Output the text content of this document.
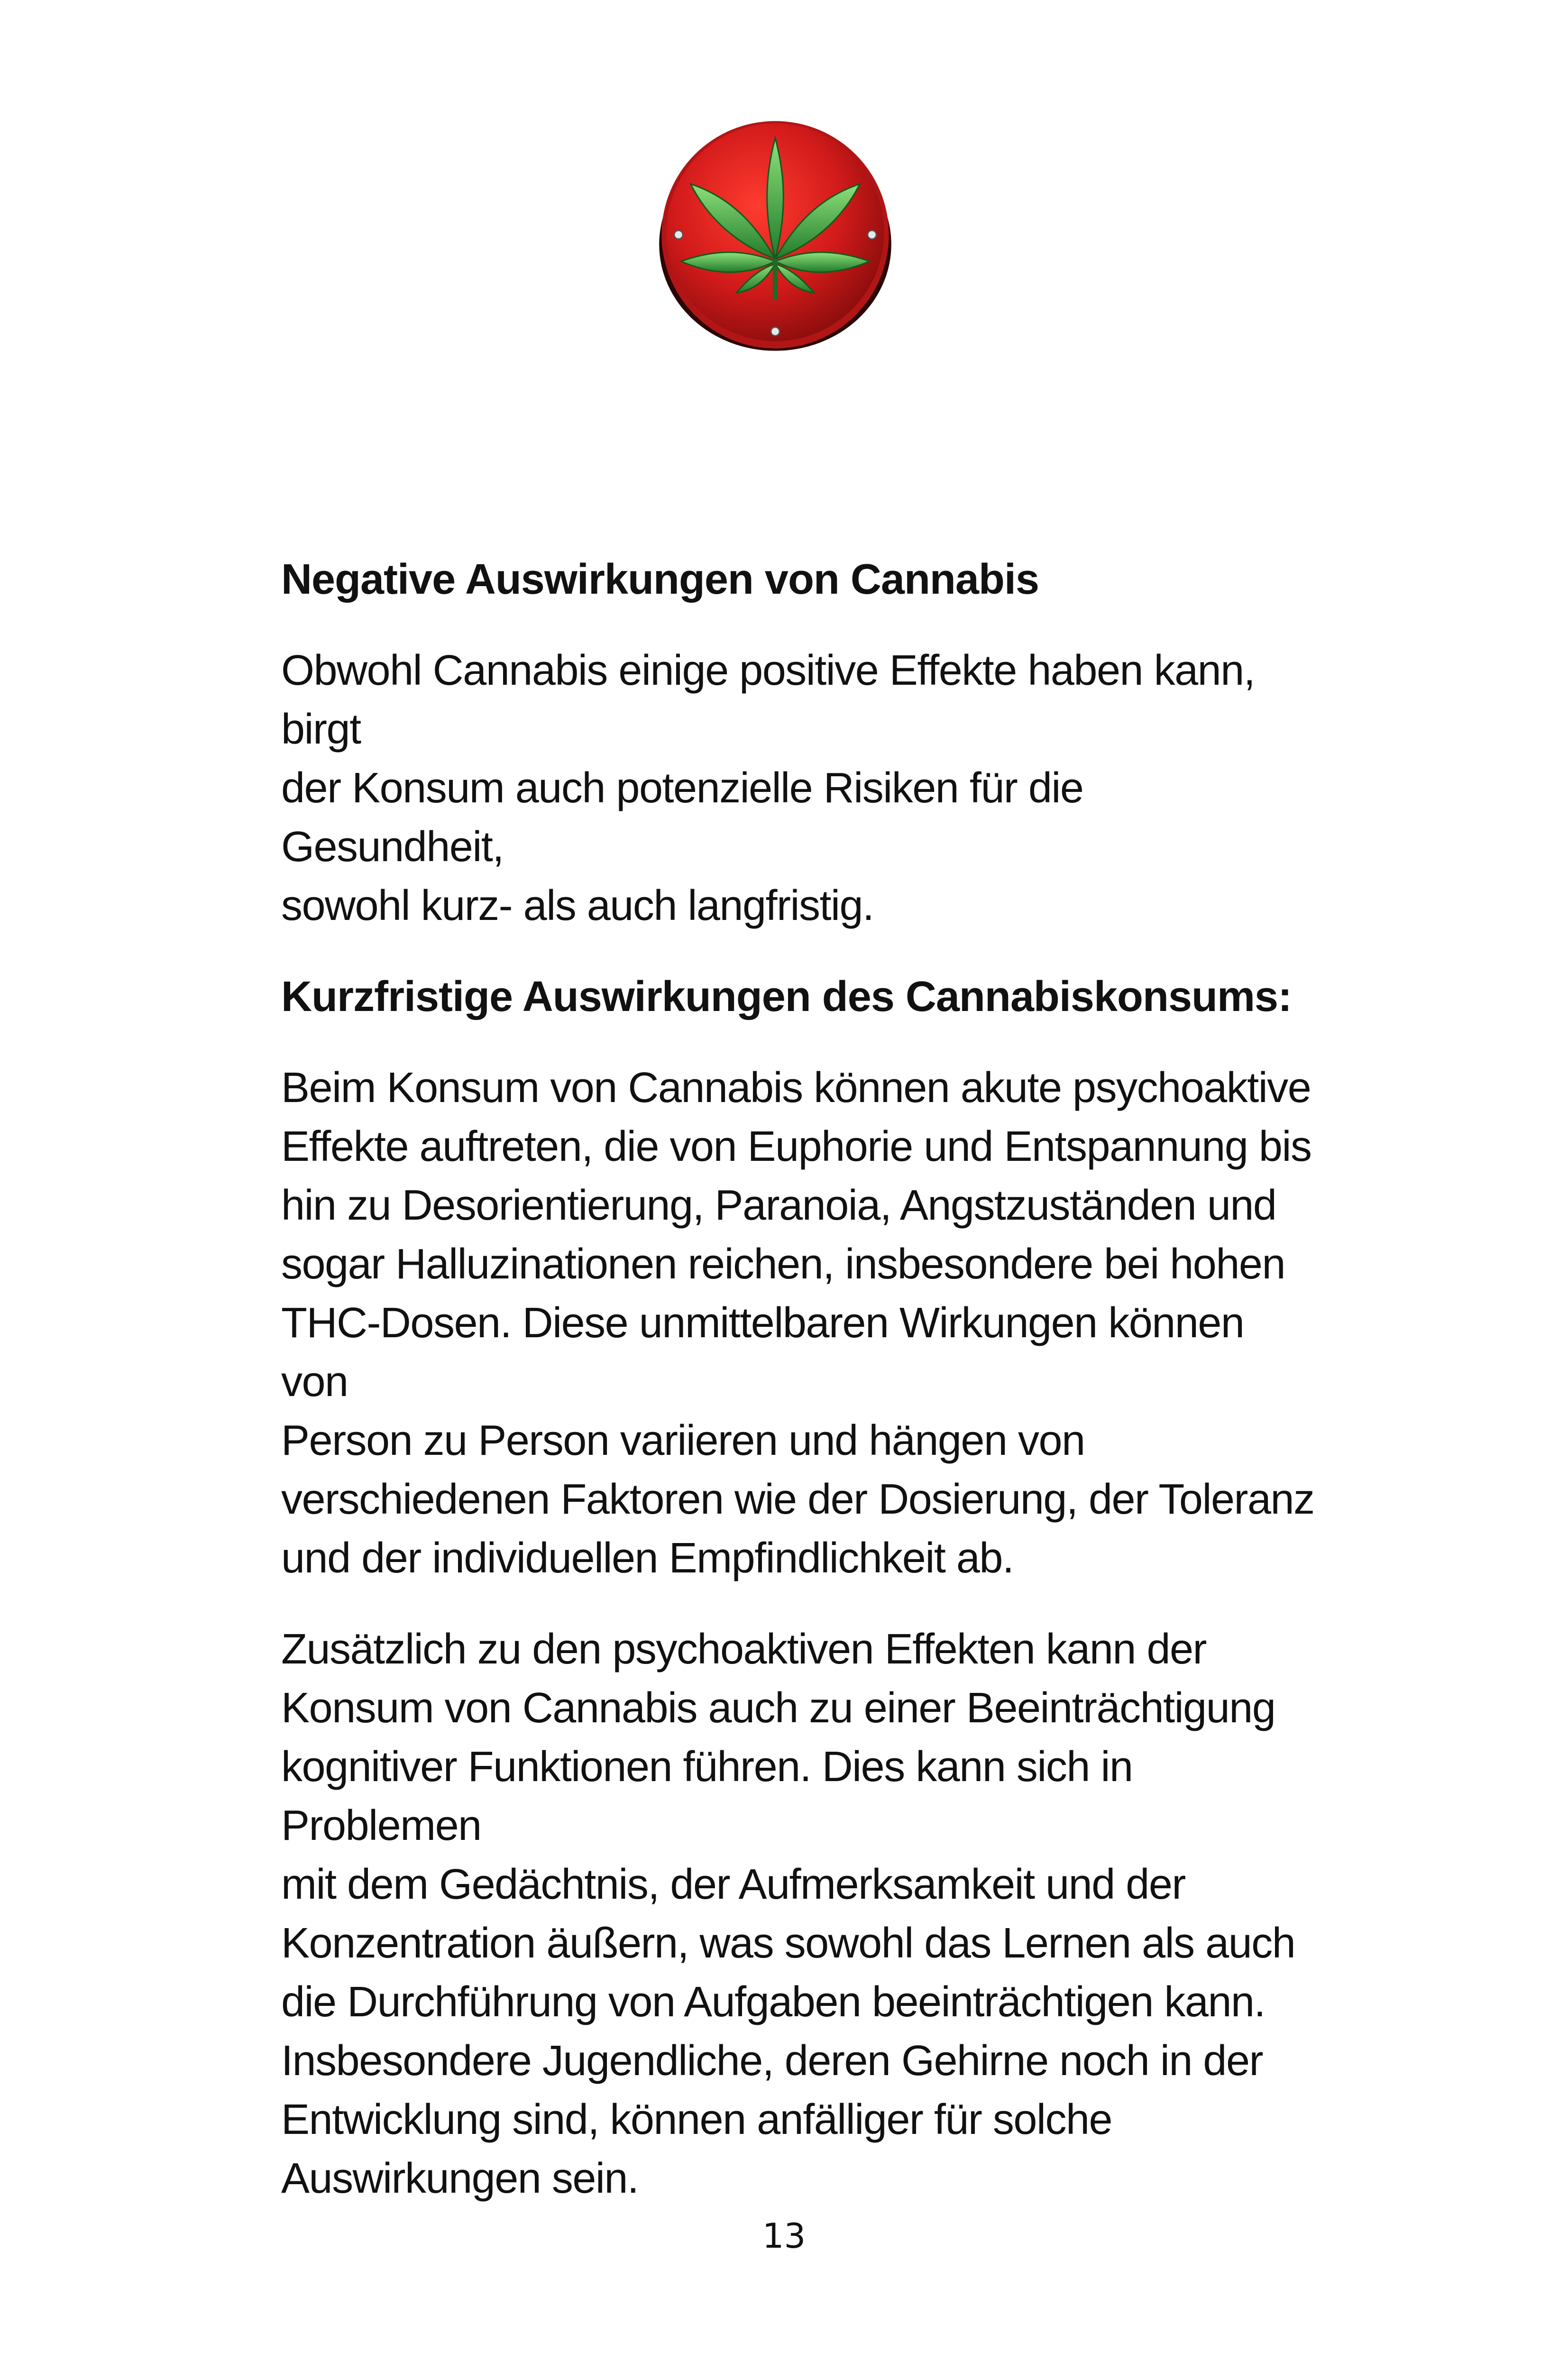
Negative Auswirkungen von Cannabis

Obwohl Cannabis einige positive Effekte haben kann, birgt
der Konsum auch potenzielle Risiken für die Gesundheit,
sowohl kurz- als auch langfristig.

Kurzfristige Auswirkungen des Cannabiskonsums:

Beim Konsum von Cannabis können akute psychoaktive
Effekte auftreten, die von Euphorie und Entspannung bis
hin zu Desorientierung, Paranoia, Angstzuständen und
sogar Halluzinationen reichen, insbesondere bei hohen
THC-Dosen. Diese unmittelbaren Wirkungen können von
Person zu Person variieren und hängen von
verschiedenen Faktoren wie der Dosierung, der Toleranz
und der individuellen Empfindlichkeit ab.

Zusätzlich zu den psychoaktiven Effekten kann der
Konsum von Cannabis auch zu einer Beeinträchtigung
kognitiver Funktionen führen. Dies kann sich in Problemen
mit dem Gedächtnis, der Aufmerksamkeit und der
Konzentration äußern, was sowohl das Lernen als auch
die Durchführung von Aufgaben beeinträchtigen kann.
Insbesondere Jugendliche, deren Gehirne noch in der
Entwicklung sind, können anfälliger für solche
Auswirkungen sein.

13
